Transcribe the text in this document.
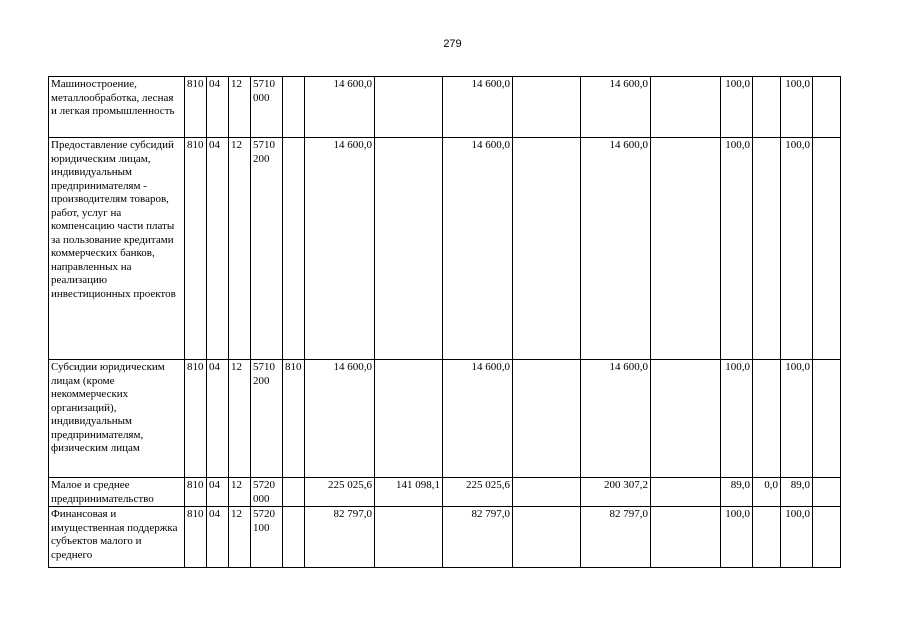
279
Машиностроение, металлообработка, лесная и легкая промышленность	810	04	12	5710 000		14 600,0		14 600,0		14 600,0		100,0		100,0	
Предоставление субсидий юридическим лицам, индивидуальным предпринимателям - производителям товаров, работ, услуг на компенсацию части платы за пользование кредитами коммерческих банков, направленных на реализацию инвестиционных проектов	810	04	12	5710 200		14 600,0		14 600,0		14 600,0		100,0		100,0	
Субсидии юридическим лицам (кроме некоммерческих организаций), индивидуальным предпринимателям, физическим лицам	810	04	12	5710 200	810	14 600,0		14 600,0		14 600,0		100,0		100,0	
Малое и среднее предпринимательство	810	04	12	5720 000		225 025,6	141 098,1	225 025,6		200 307,2		89,0	0,0	89,0	
Финансовая и имущественная поддержка субъектов малого и среднего	810	04	12	5720 100		82 797,0		82 797,0		82 797,0		100,0		100,0	
